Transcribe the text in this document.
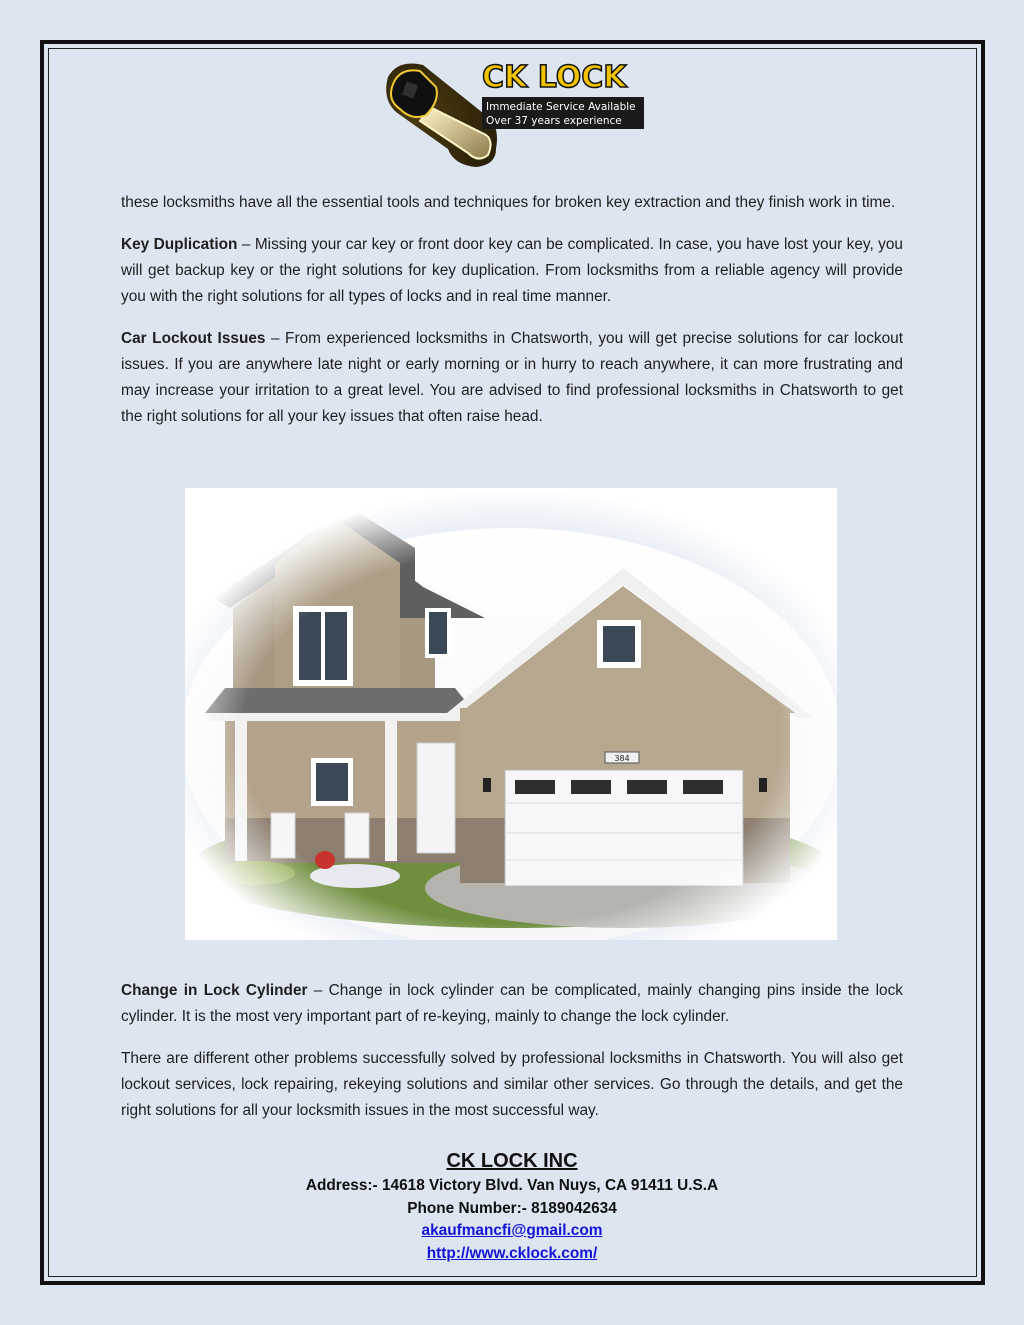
CK LOCK
Immediate Service Available
Over 37 years experience

these locksmiths have all the essential tools and techniques for broken key extraction and they finish work in time.

Key Duplication – Missing your car key or front door key can be complicated. In case, you have lost your key, you will get backup key or the right solutions for key duplication. From locksmiths from a reliable agency will provide you with the right solutions for all types of locks and in real time manner.

Car Lockout Issues – From experienced locksmiths in Chatsworth, you will get precise solutions for car lockout issues. If you are anywhere late night or early morning or in hurry to reach anywhere, it can more frustrating and may increase your irritation to a great level. You are advised to find professional locksmiths in Chatsworth to get the right solutions for all your key issues that often raise head.

Change in Lock Cylinder – Change in lock cylinder can be complicated, mainly changing pins inside the lock cylinder. It is the most very important part of re-keying, mainly to change the lock cylinder.

There are different other problems successfully solved by professional locksmiths in Chatsworth. You will also get lockout services, lock repairing, rekeying solutions and similar other services. Go through the details, and get the right solutions for all your locksmith issues in the most successful way.

CK LOCK INC
Address:- 14618 Victory Blvd. Van Nuys, CA 91411 U.S.A
Phone Number:- 8189042634
akaufmancfi@gmail.com
http://www.cklock.com/
